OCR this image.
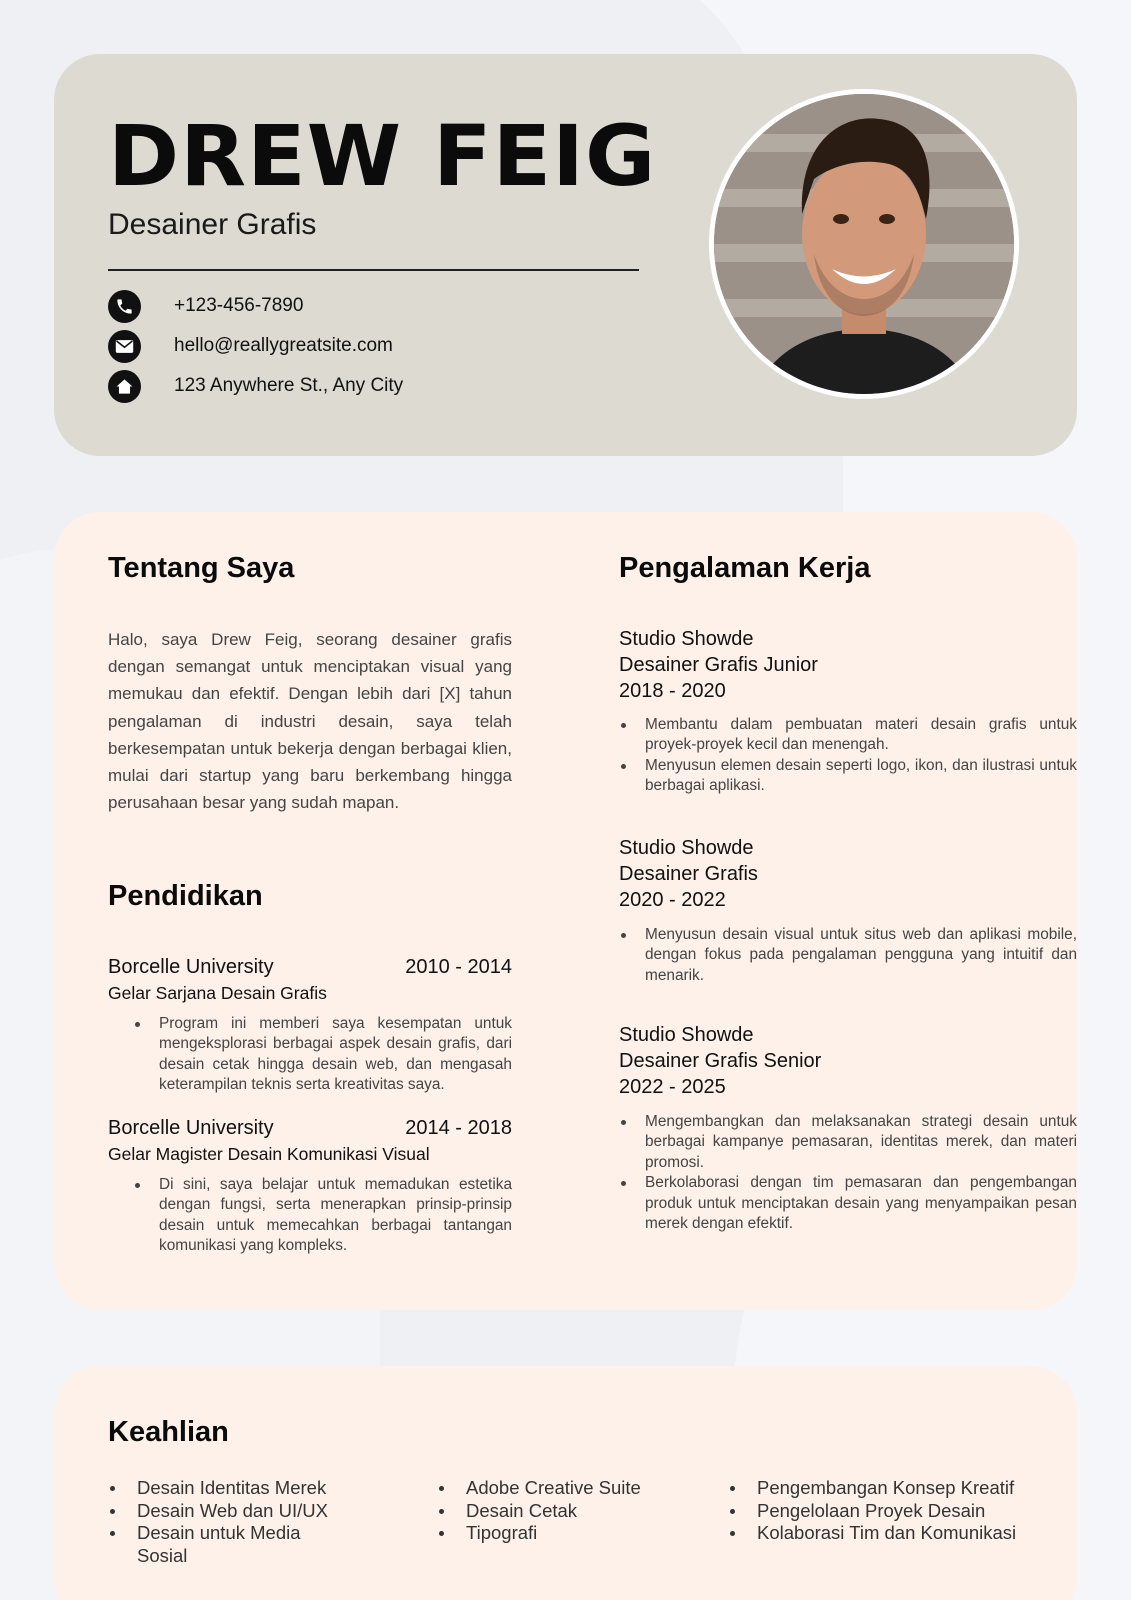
DREW FEIG
Desainer Grafis
+123-456-7890
hello@reallygreatsite.com
123 Anywhere St., Any City
Tentang Saya

Halo, saya Drew Feig, seorang desainer grafis dengan semangat untuk menciptakan visual yang memukau dan efektif. Dengan lebih dari [X] tahun pengalaman di industri desain, saya telah berkesempatan untuk bekerja dengan berbagai klien, mulai dari startup yang baru berkembang hingga perusahaan besar yang sudah mapan.

Pendidikan
Borcelle University	2010 - 2014
Gelar Sarjana Desain Grafis
Program ini memberi saya kesempatan untuk mengeksplorasi berbagai aspek desain grafis, dari desain cetak hingga desain web, dan mengasah keterampilan teknis serta kreativitas saya.
Borcelle University	2014 - 2018
Gelar Magister Desain Komunikasi Visual
Di sini, saya belajar untuk memadukan estetika dengan fungsi, serta menerapkan prinsip-prinsip desain untuk memecahkan berbagai tantangan komunikasi yang kompleks.
Pengalaman Kerja
Studio Showde
Desainer Grafis Junior
2018 - 2020
Membantu dalam pembuatan materi desain grafis untuk proyek-proyek kecil dan menengah.
Menyusun elemen desain seperti logo, ikon, dan ilustrasi untuk berbagai aplikasi.
Studio Showde
Desainer Grafis
2020 - 2022
Menyusun desain visual untuk situs web dan aplikasi mobile, dengan fokus pada pengalaman pengguna yang intuitif dan menarik.
Studio Showde
Desainer Grafis Senior
2022 - 2025
Mengembangkan dan melaksanakan strategi desain untuk berbagai kampanye pemasaran, identitas merek, dan materi promosi.
Berkolaborasi dengan tim pemasaran dan pengembangan produk untuk menciptakan desain yang menyampaikan pesan merek dengan efektif.
Keahlian
Desain Identitas Merek
Desain Web dan UI/UX
Desain untuk Media Sosial
Adobe Creative Suite
Desain Cetak
Tipografi
Pengembangan Konsep Kreatif
Pengelolaan Proyek Desain
Kolaborasi Tim dan Komunikasi
